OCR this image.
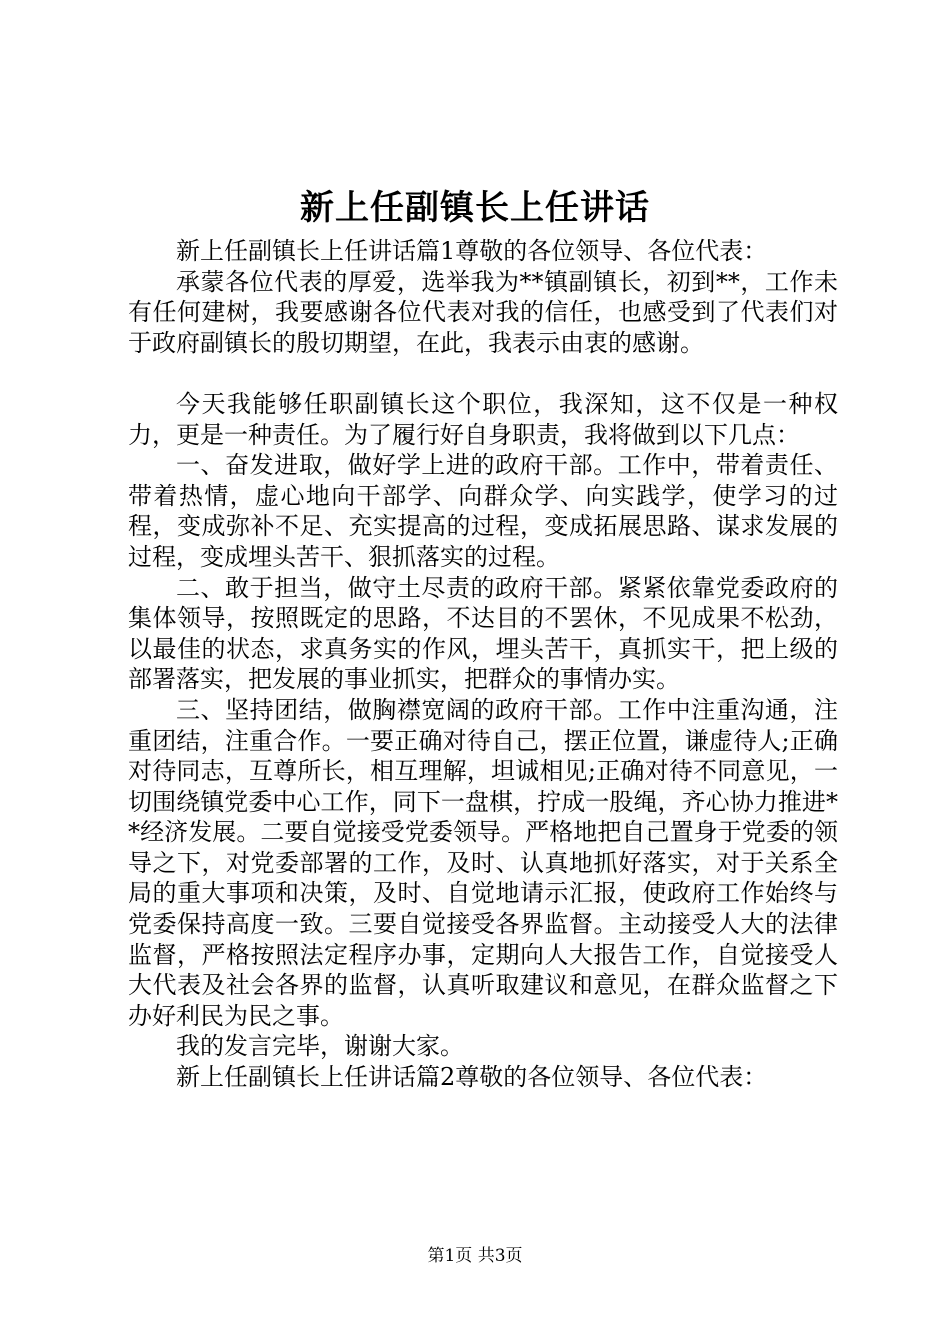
新上任副镇长上任讲话

新上任副镇长上任讲话篇1尊敬的各位领导、各位代表：

承蒙各位代表的厚爱，选举我为**镇副镇长，初到**，工作未有任何建树，我要感谢各位代表对我的信任，也感受到了代表们对于政府副镇长的殷切期望，在此，我表示由衷的感谢。

今天我能够任职副镇长这个职位，我深知，这不仅是一种权力，更是一种责任。为了履行好自身职责，我将做到以下几点：

一、奋发进取，做好学上进的政府干部。工作中，带着责任、带着热情，虚心地向干部学、向群众学、向实践学，使学习的过程，变成弥补不足、充实提高的过程，变成拓展思路、谋求发展的过程，变成埋头苦干、狠抓落实的过程。

二、敢于担当，做守土尽责的政府干部。紧紧依靠党委政府的集体领导，按照既定的思路，不达目的不罢休，不见成果不松劲，以最佳的状态，求真务实的作风，埋头苦干，真抓实干，把上级的部署落实，把发展的事业抓实，把群众的事情办实。

三、坚持团结，做胸襟宽阔的政府干部。工作中注重沟通，注重团结，注重合作。一要正确对待自己，摆正位置，谦虚待人;正确对待同志，互尊所长，相互理解，坦诚相见;正确对待不同意见，一切围绕镇党委中心工作，同下一盘棋，拧成一股绳，齐心协力推进**经济发展。二要自觉接受党委领导。严格地把自己置身于党委的领导之下，对党委部署的工作，及时、认真地抓好落实，对于关系全局的重大事项和决策，及时、自觉地请示汇报，使政府工作始终与党委保持高度一致。三要自觉接受各界监督。主动接受人大的法律监督，严格按照法定程序办事，定期向人大报告工作，自觉接受人大代表及社会各界的监督，认真听取建议和意见，在群众监督之下办好利民为民之事。

我的发言完毕，谢谢大家。

新上任副镇长上任讲话篇2尊敬的各位领导、各位代表：

第1页 共3页
